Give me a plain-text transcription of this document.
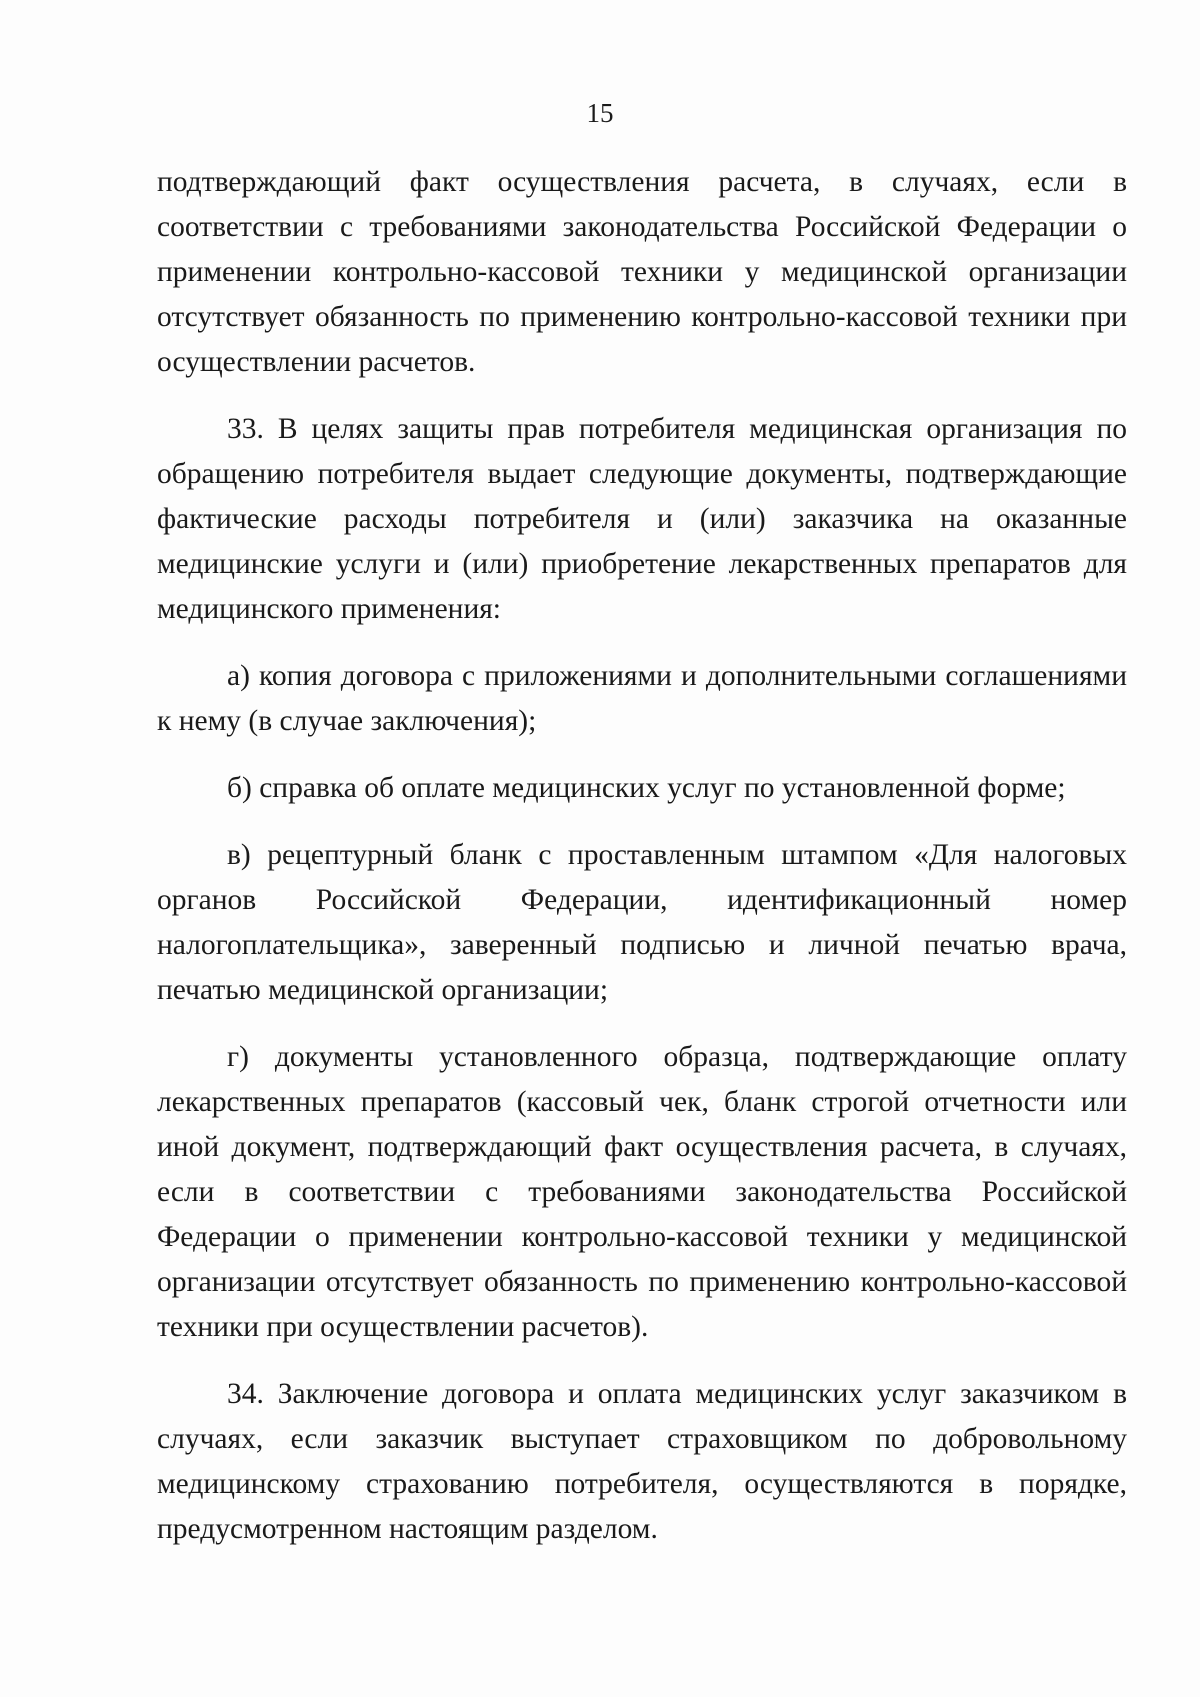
15

подтверждающий факт осуществления расчета, в случаях, если в соответствии с требованиями законодательства Российской Федерации о применении контрольно-кассовой техники у медицинской организации отсутствует обязанность по применению контрольно-кассовой техники при осуществлении расчетов.

33. В целях защиты прав потребителя медицинская организация по обращению потребителя выдает следующие документы, подтверждающие фактические расходы потребителя и (или) заказчика на оказанные медицинские услуги и (или) приобретение лекарственных препаратов для медицинского применения:

а) копия договора с приложениями и дополнительными соглашениями к нему (в случае заключения);

б) справка об оплате медицинских услуг по установленной форме;

в) рецептурный бланк с проставленным штампом «Для налоговых органов Российской Федерации, идентификационный номер налогоплательщика», заверенный подписью и личной печатью врача, печатью медицинской организации;

г) документы установленного образца, подтверждающие оплату лекарственных препаратов (кассовый чек, бланк строгой отчетности или иной документ, подтверждающий факт осуществления расчета, в случаях, если в соответствии с требованиями законодательства Российской Федерации о применении контрольно-кассовой техники у медицинской организации отсутствует обязанность по применению контрольно-кассовой техники при осуществлении расчетов).

34. Заключение договора и оплата медицинских услуг заказчиком в случаях, если заказчик выступает страховщиком по добровольному медицинскому страхованию потребителя, осуществляются в порядке, предусмотренном настоящим разделом.
